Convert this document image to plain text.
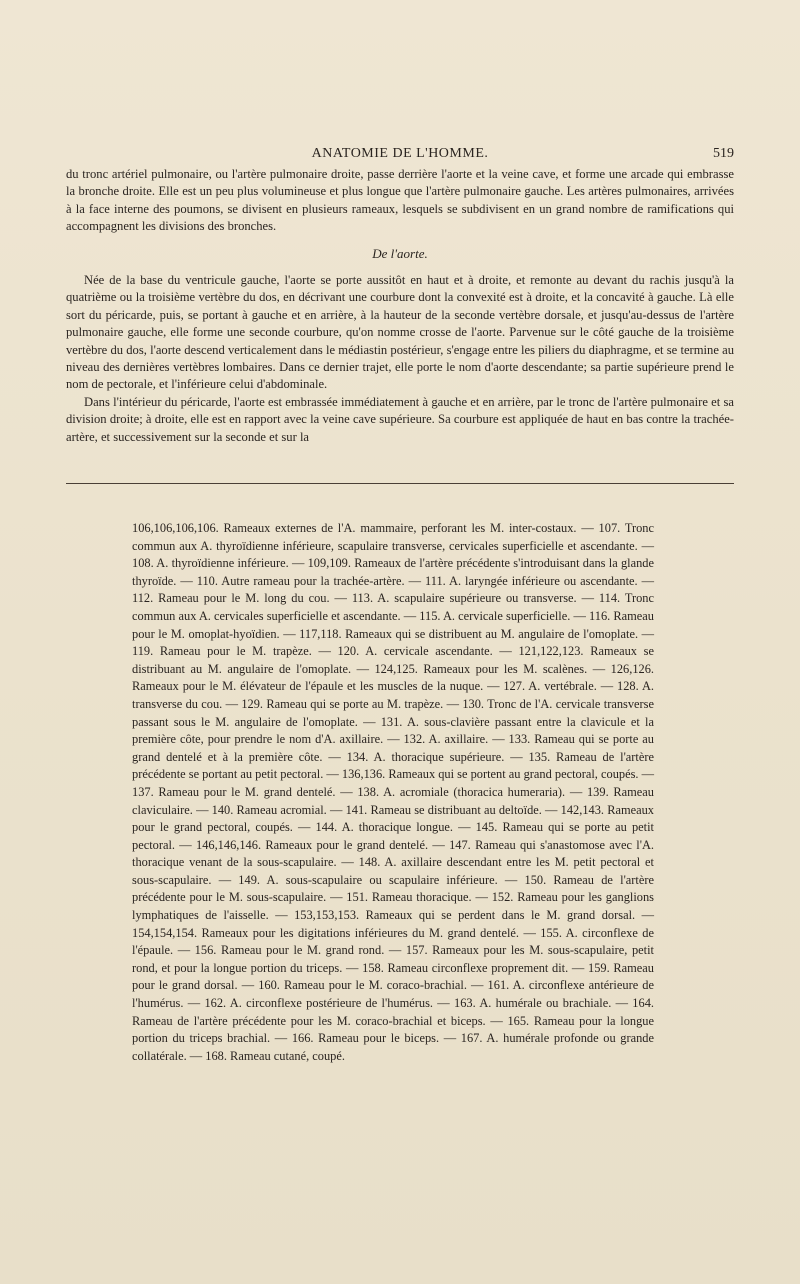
ANATOMIE DE L'HOMME.	519

du tronc artériel pulmonaire, ou l'artère pulmonaire droite, passe derrière l'aorte et la veine cave, et forme une arcade qui embrasse la bronche droite. Elle est un peu plus volumineuse et plus longue que l'artère pulmonaire gauche. Les artères pulmonaires, arrivées à la face interne des poumons, se divisent en plusieurs rameaux, lesquels se subdivisent en un grand nombre de ramifications qui accompagnent les divisions des bronches.

De l'aorte.

Née de la base du ventricule gauche, l'aorte se porte aussitôt en haut et à droite, et remonte au devant du rachis jusqu'à la quatrième ou la troisième vertèbre du dos, en décrivant une courbure dont la convexité est à droite, et la concavité à gauche. Là elle sort du péricarde, puis, se portant à gauche et en arrière, à la hauteur de la seconde vertèbre dorsale, et jusqu'au-dessus de l'artère pulmonaire gauche, elle forme une seconde courbure, qu'on nomme crosse de l'aorte. Parvenue sur le côté gauche de la troisième vertèbre du dos, l'aorte descend verticalement dans le médiastin postérieur, s'engage entre les piliers du diaphragme, et se termine au niveau des dernières vertèbres lombaires. Dans ce dernier trajet, elle porte le nom d'aorte descendante; sa partie supérieure prend le nom de pectorale, et l'inférieure celui d'abdominale.

Dans l'intérieur du péricarde, l'aorte est embrassée immédiatement à gauche et en arrière, par le tronc de l'artère pulmonaire et sa division droite; à droite, elle est en rapport avec la veine cave supérieure. Sa courbure est appliquée de haut en bas contre la trachée-artère, et successivement sur la seconde et sur la

106,106,106,106. Rameaux externes de l'A. mammaire, perforant les M. inter-costaux. — 107. Tronc commun aux A. thyroïdienne inférieure, scapulaire transverse, cervicales superficielle et ascendante. — 108. A. thyroïdienne inférieure. — 109,109. Rameaux de l'artère précédente s'introduisant dans la glande thyroïde. — 110. Autre rameau pour la trachée-artère. — 111. A. laryngée inférieure ou ascendante. — 112. Rameau pour le M. long du cou. — 113. A. scapulaire supérieure ou transverse. — 114. Tronc commun aux A. cervicales superficielle et ascendante. — 115. A. cervicale superficielle. — 116. Rameau pour le M. omoplat-hyoïdien. — 117,118. Rameaux qui se distribuent au M. angulaire de l'omoplate. — 119. Rameau pour le M. trapèze. — 120. A. cervicale ascendante. — 121,122,123. Rameaux se distribuant au M. angulaire de l'omoplate. — 124,125. Rameaux pour les M. scalènes. — 126,126. Rameaux pour le M. élévateur de l'épaule et les muscles de la nuque. — 127. A. vertébrale. — 128. A. transverse du cou. — 129. Rameau qui se porte au M. trapèze. — 130. Tronc de l'A. cervicale transverse passant sous le M. angulaire de l'omoplate. — 131. A. sous-clavière passant entre la clavicule et la première côte, pour prendre le nom d'A. axillaire. — 132. A. axillaire. — 133. Rameau qui se porte au grand dentelé et à la première côte. — 134. A. thoracique supérieure. — 135. Rameau de l'artère précédente se portant au petit pectoral. — 136,136. Rameaux qui se portent au grand pectoral, coupés. — 137. Rameau pour le M. grand dentelé. — 138. A. acromiale (thoracica humeraria). — 139. Rameau claviculaire. — 140. Rameau acromial. — 141. Rameau se distribuant au deltoïde. — 142,143. Rameaux pour le grand pectoral, coupés. — 144. A. thoracique longue. — 145. Rameau qui se porte au petit pectoral. — 146,146,146. Rameaux pour le grand dentelé. — 147. Rameau qui s'anastomose avec l'A. thoracique venant de la sous-scapulaire. — 148. A. axillaire descendant entre les M. petit pectoral et sous-scapulaire. — 149. A. sous-scapulaire ou scapulaire inférieure. — 150. Rameau de l'artère précédente pour le M. sous-scapulaire. — 151. Rameau thoracique. — 152. Rameau pour les ganglions lymphatiques de l'aisselle. — 153,153,153. Rameaux qui se perdent dans le M. grand dorsal. — 154,154,154. Rameaux pour les digitations inférieures du M. grand dentelé. — 155. A. circonflexe de l'épaule. — 156. Rameau pour le M. grand rond. — 157. Rameaux pour les M. sous-scapulaire, petit rond, et pour la longue portion du triceps. — 158. Rameau circonflexe proprement dit. — 159. Rameau pour le grand dorsal. — 160. Rameau pour le M. coraco-brachial. — 161. A. circonflexe antérieure de l'humérus. — 162. A. circonflexe postérieure de l'humérus. — 163. A. humérale ou brachiale. — 164. Rameau de l'artère précédente pour les M. coraco-brachial et biceps. — 165. Rameau pour la longue portion du triceps brachial. — 166. Rameau pour le biceps. — 167. A. humérale profonde ou grande collatérale. — 168. Rameau cutané, coupé.
